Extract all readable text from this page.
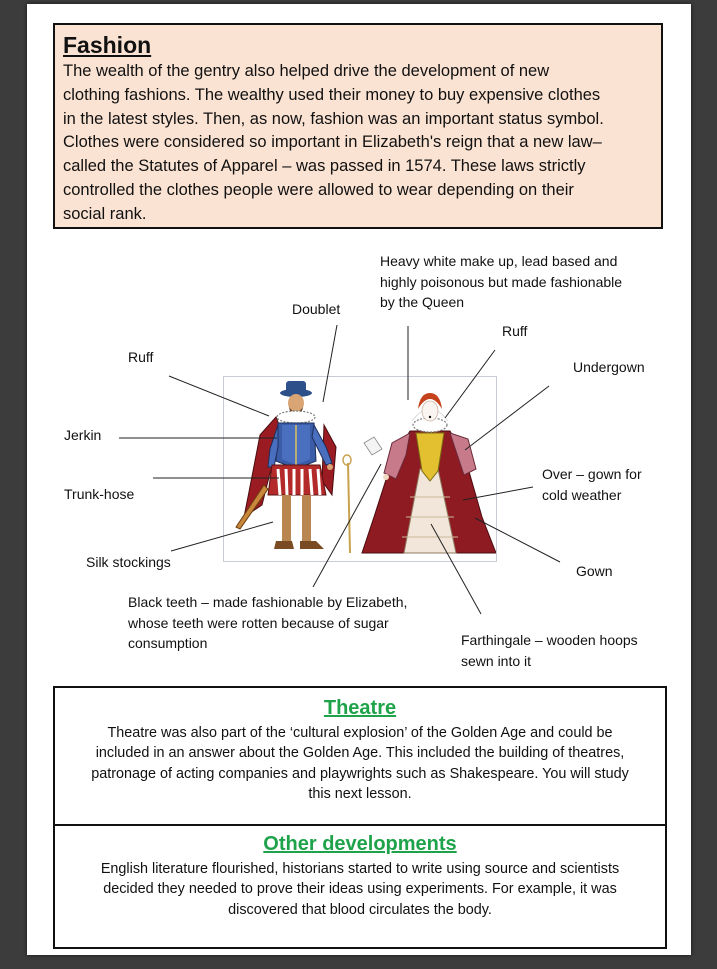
Fashion
The wealth of the gentry also helped drive the development of new
clothing fashions. The wealthy used their money to buy expensive clothes
in the latest styles. Then, as now, fashion was an important status symbol.
Clothes were considered so important in Elizabeth's reign that a new law–
called the Statutes of Apparel – was passed in 1574. These laws strictly
controlled the clothes people were allowed to wear depending on their
social rank.
Heavy white make up, lead based and
highly poisonous but made fashionable
by the Queen
Doublet
Ruff
Ruff
Undergown
Jerkin
Over – gown for
cold weather
Trunk-hose
Silk stockings
Gown
Black teeth – made fashionable by Elizabeth,
whose teeth were rotten because of sugar
consumption	Farthingale – wooden hoops
sewn into it
Theatre
Theatre was also part of the ‘cultural explosion’ of the Golden Age and could be
included in an answer about the Golden Age. This included the building of theatres,
patronage of acting companies and playwrights such as Shakespeare. You will study
this next lesson.
Other developments
English literature flourished, historians started to write using source and scientists
decided they needed to prove their ideas using experiments. For example, it was
discovered that blood circulates the body.
